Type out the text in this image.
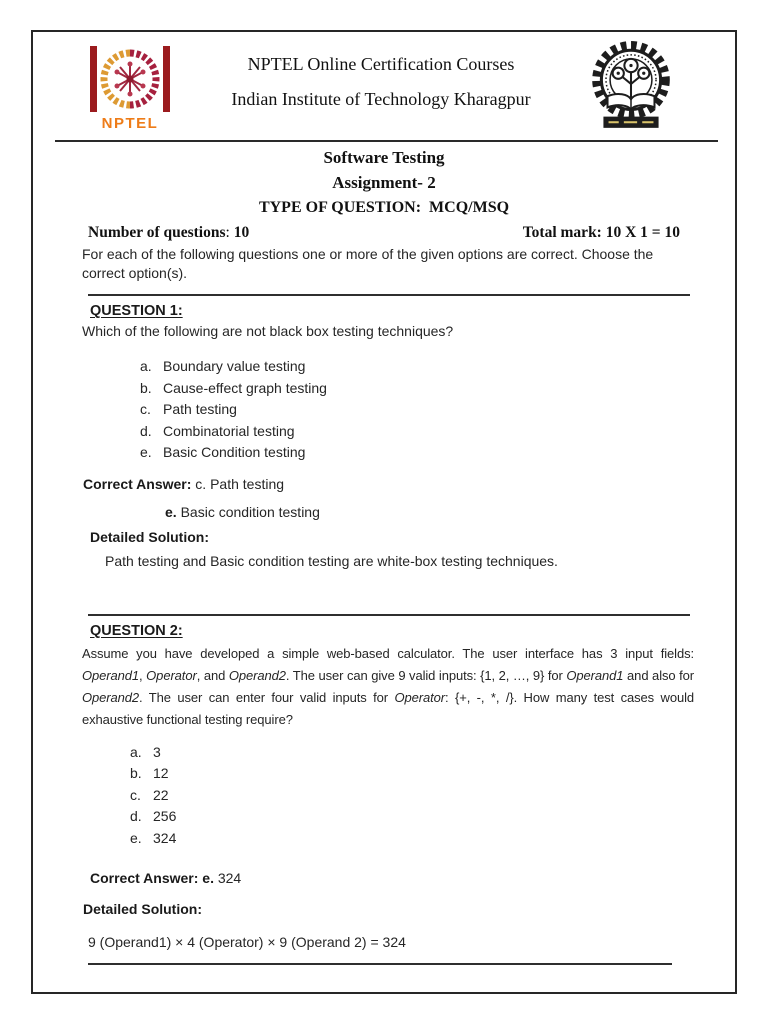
NPTEL
NPTEL Online Certification Courses
Indian Institute of Technology Kharagpur
Software Testing
Assignment- 2
TYPE OF QUESTION:  MCQ/MSQ
Number of questions: 10	Total mark: 10 X 1 = 10
For each of the following questions one or more of the given options are correct. Choose the correct option(s).
QUESTION 1:
Which of the following are not black box testing techniques?
a. Boundary value testing
b. Cause-effect graph testing
c. Path testing
d. Combinatorial testing
e. Basic Condition testing
Correct Answer: c. Path testing
e. Basic condition testing
Detailed Solution:
Path testing and Basic condition testing are white-box testing techniques.
QUESTION 2:

Assume you have developed a simple web-based calculator. The user interface has 3 input fields: Operand1, Operator, and Operand2. The user can give 9 valid inputs: {1, 2, …, 9} for Operand1 and also for Operand2. The user can enter four valid inputs for Operator: {+, -, *, /}. How many test cases would exhaustive functional testing require?

a. 3
b. 12
c. 22
d. 256
e. 324
Correct Answer: e. 324
Detailed Solution:
9 (Operand1) × 4 (Operator) × 9 (Operand 2) = 324
